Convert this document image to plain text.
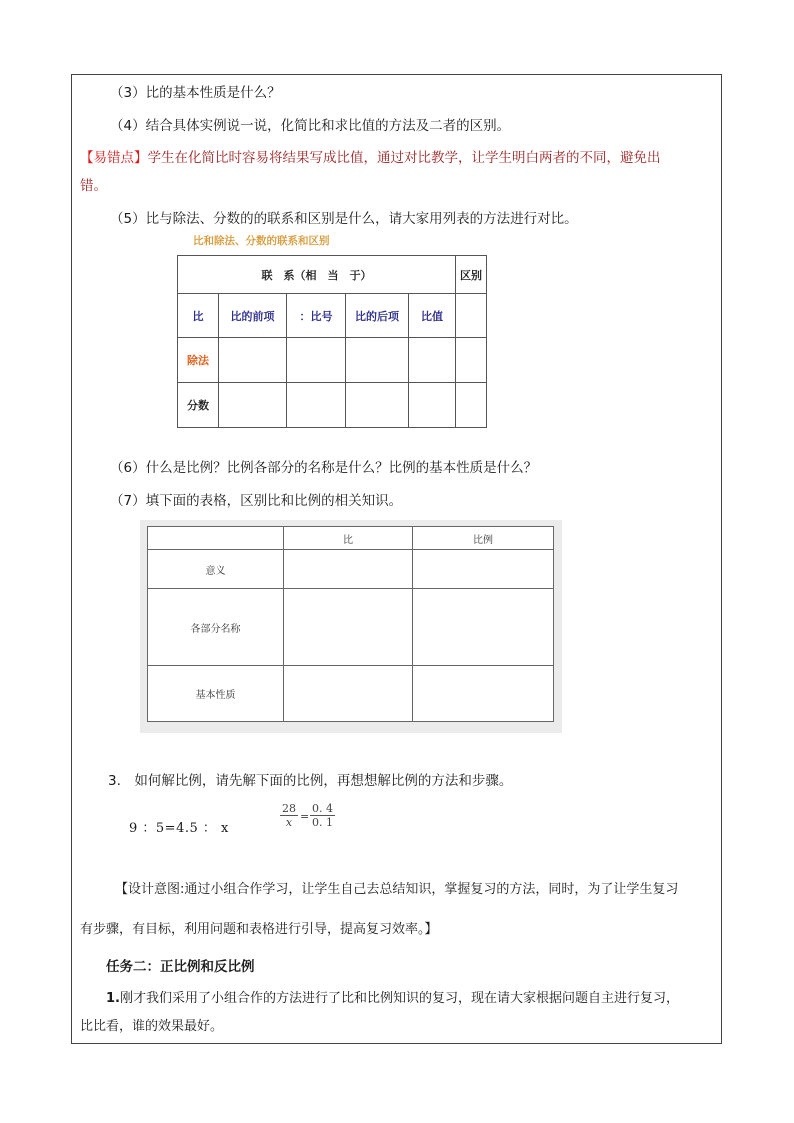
（3）比的基本性质是什么？
（4）结合具体实例说一说，化简比和求比值的方法及二者的区别。
【易错点】学生在化简比时容易将结果写成比值，通过对比教学，让学生明白两者的不同，避免出
错。
（5）比与除法、分数的的联系和区别是什么，请大家用列表的方法进行对比。
比和除法、分数的联系和区别
联　系（相　当　于）					区别
比	比的前项	：比号	比的后项	比值	
除法					
分数					
（6）什么是比例？比例各部分的名称是什么？比例的基本性质是什么？
（7）填下面的表格，区别比和比例的相关知识。
	比	比例
意义		
各部分名称		
基本性质		
3.　如何解比例，请先解下面的比例，再想想解比例的方法和步骤。
9 ：5=4.5 ： x	$\frac{28}{x} = \frac{0. 4}{0. 1}$
【设计意图:通过小组合作学习，让学生自己去总结知识，掌握复习的方法，同时，为了让学生复习
有步骤，有目标，利用问题和表格进行引导，提高复习效率。】
任务二：正比例和反比例
1.刚才我们采用了小组合作的方法进行了比和比例知识的复习，现在请大家根据问题自主进行复习，
比比看，谁的效果最好。
